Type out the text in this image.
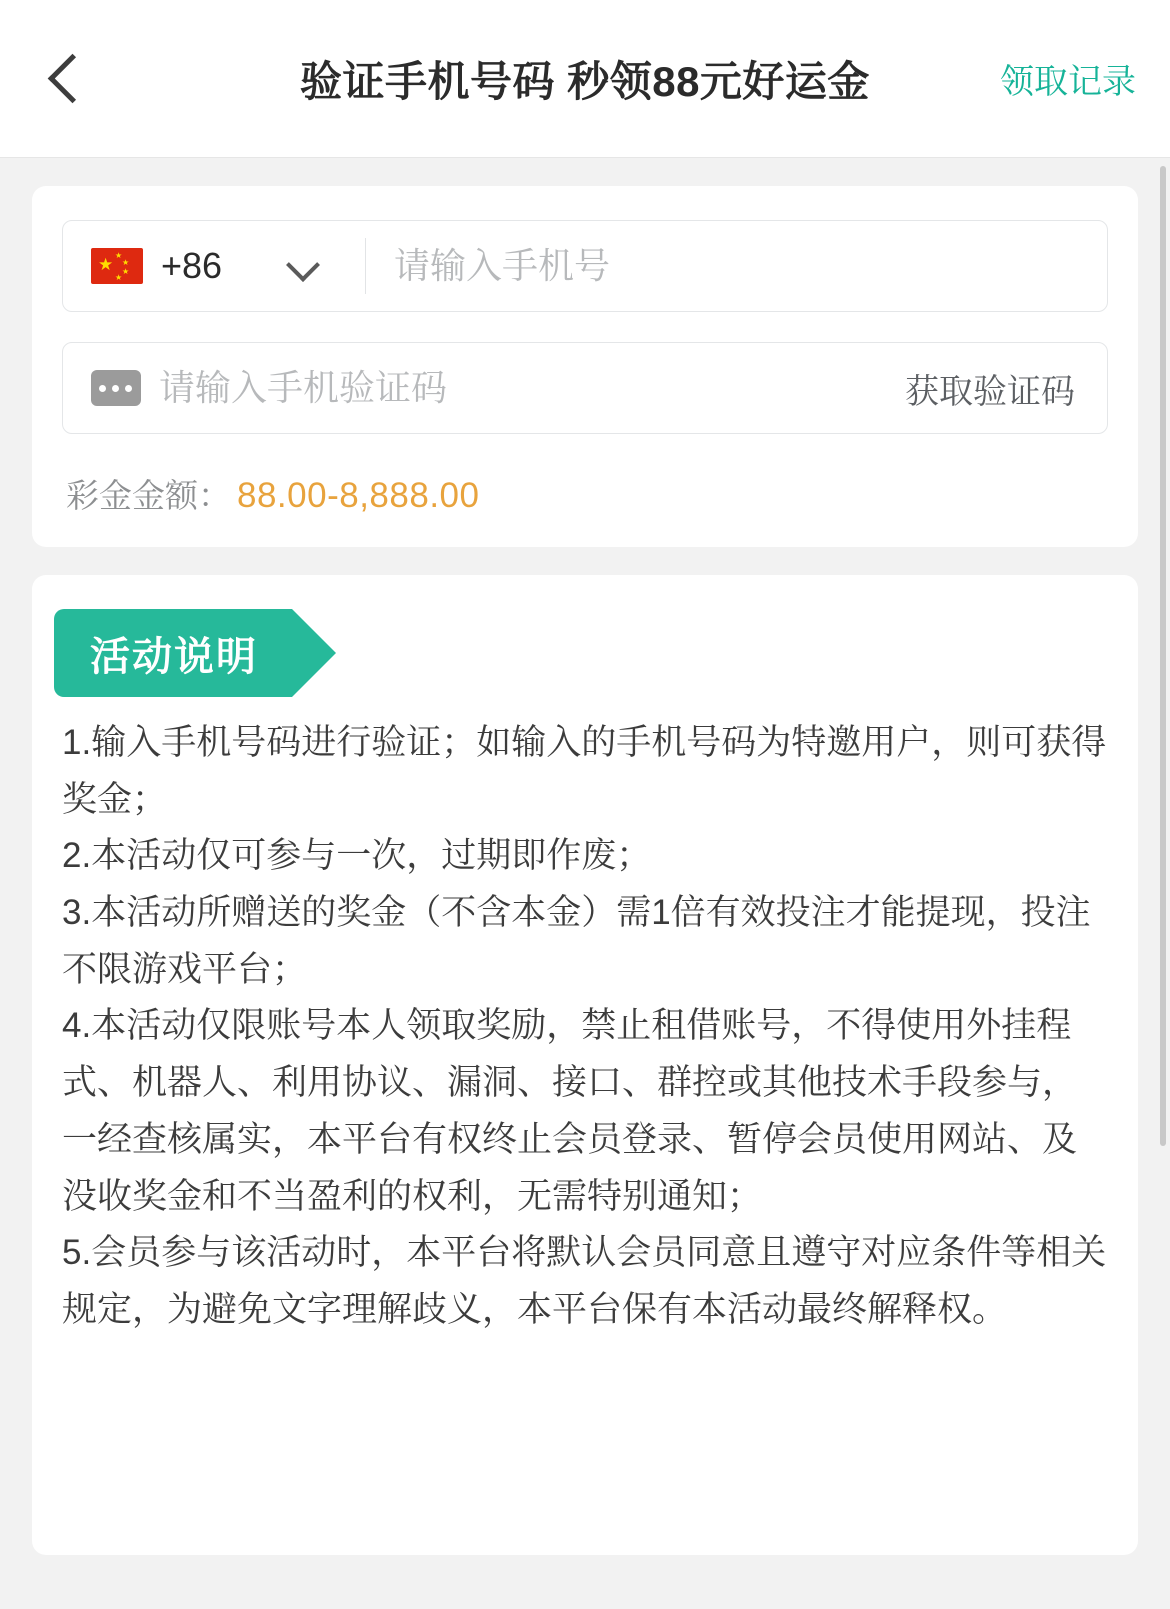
验证手机号码 秒领88元好运金	领取记录
★ ★
★
★
★ +86
请输入手机号
请输入手机验证码
获取验证码
彩金金额： 88.00-8,888.00
活动说明

1.输入手机号码进行验证；如输入的手机号码为特邀用户，则可获得奖金；

2.本活动仅可参与一次，过期即作废；

3.本活动所赠送的奖金（不含本金）需1倍有效投注才能提现，投注不限游戏平台；

4.本活动仅限账号本人领取奖励，禁止租借账号，不得使用外挂程式、机器人、利用协议、漏洞、接口、群控或其他技术手段参与，一经查核属实，本平台有权终止会员登录、暂停会员使用网站、及没收奖金和不当盈利的权利，无需特别通知；

5.会员参与该活动时，本平台将默认会员同意且遵守对应条件等相关规定，为避免文字理解歧义，本平台保有本活动最终解释权。
